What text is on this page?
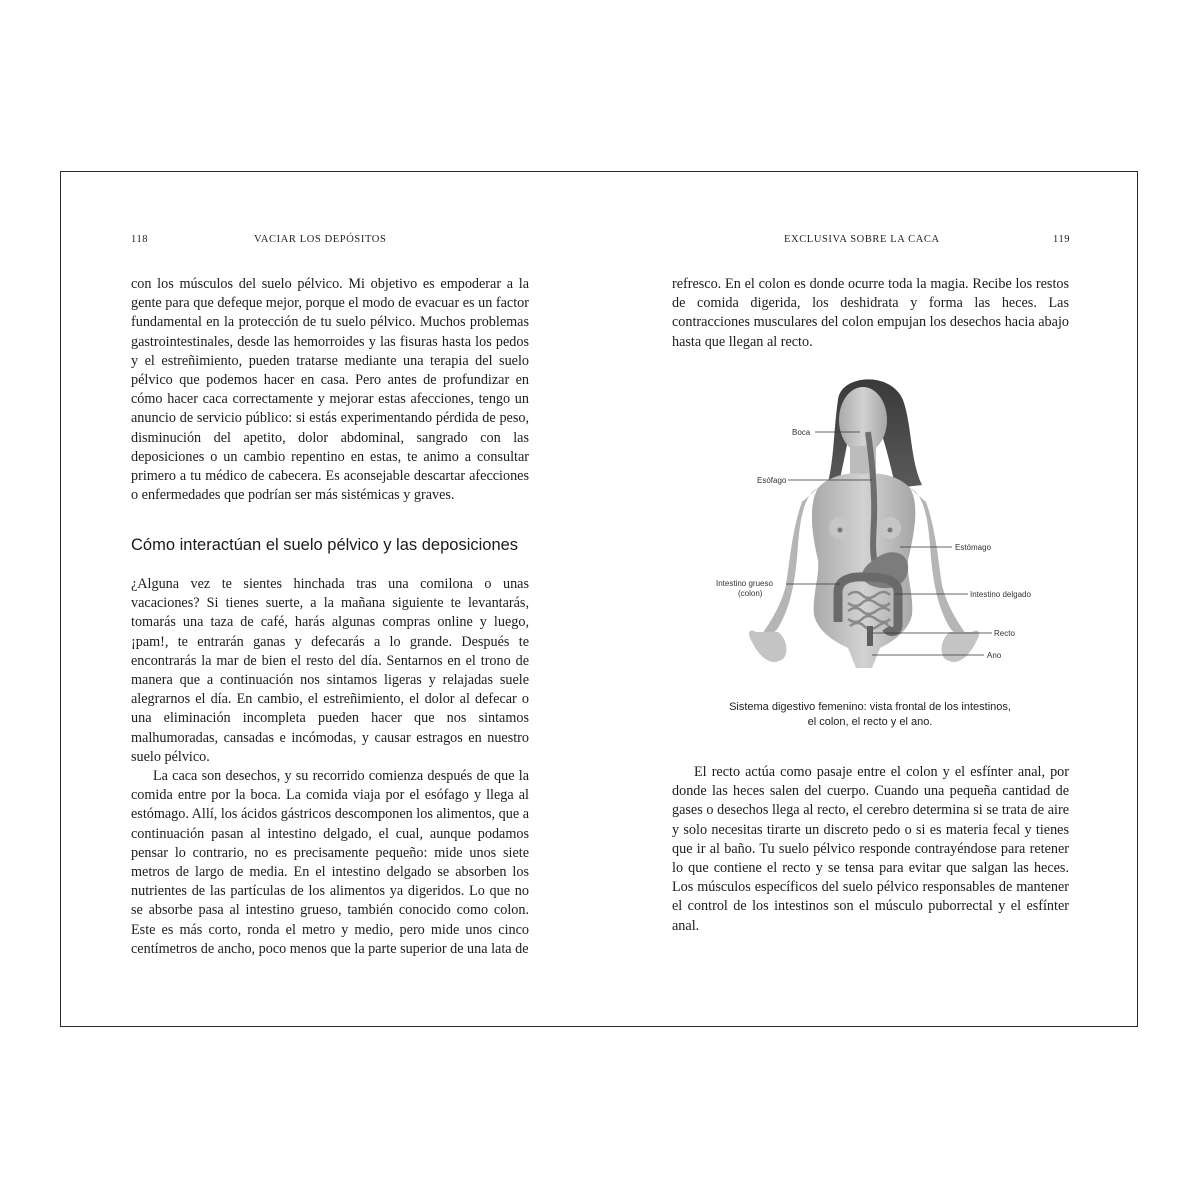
118	VACIAR LOS DEPÓSITOS

con los músculos del suelo pélvico. Mi objetivo es empoderar a la gente para que defeque mejor, porque el modo de evacuar es un factor fundamental en la protección de tu suelo pélvico. Muchos problemas gastrointestinales, desde las hemorroides y las fisuras hasta los pedos y el estreñimiento, pueden tratarse mediante una terapia del suelo pélvico que podemos hacer en casa. Pero antes de profundizar en cómo hacer caca correctamente y mejorar estas afecciones, tengo un anuncio de servicio público: si estás experimentando pérdida de peso, disminución del apetito, dolor abdominal, sangrado con las deposiciones o un cambio repentino en estas, te animo a consultar primero a tu médico de cabecera. Es aconsejable descartar afecciones o enfermedades que podrían ser más sistémicas y graves.

Cómo interactúan el suelo pélvico y las deposiciones

¿Alguna vez te sientes hinchada tras una comilona o unas vacaciones? Si tienes suerte, a la mañana siguiente te levantarás, tomarás una taza de café, harás algunas compras online y luego, ¡pam!, te entrarán ganas y defecarás a lo grande. Después te encontrarás la mar de bien el resto del día. Sentarnos en el trono de manera que a continuación nos sintamos ligeras y relajadas suele alegrarnos el día. En cambio, el estreñimiento, el dolor al defecar o una eliminación incompleta pueden hacer que nos sintamos malhumoradas, cansadas e incómodas, y causar estragos en nuestro suelo pélvico.

La caca son desechos, y su recorrido comienza después de que la comida entre por la boca. La comida viaja por el esófago y llega al estómago. Allí, los ácidos gástricos descomponen los alimentos, que a continuación pasan al intestino delgado, el cual, aunque podamos pensar lo contrario, no es precisamente pequeño: mide unos siete metros de largo de media. En el intestino delgado se absorben los nutrientes de las partículas de los alimentos ya digeridos. Lo que no se absorbe pasa al intestino grueso, también conocido como colon. Este es más corto, ronda el metro y medio, pero mide unos cinco centímetros de ancho, poco menos que la parte superior de una lata de

EXCLUSIVA SOBRE LA CACA	119

refresco. En el colon es donde ocurre toda la magia. Recibe los restos de comida digerida, los deshidrata y forma las heces. Las contracciones musculares del colon empujan los desechos hacia abajo hasta que llegan al recto.

Boca
Esófago
Estómago
Intestino grueso
(colon)	Intestino delgado
Recto
Ano
Sistema digestivo femenino: vista frontal de los intestinos,
el colon, el recto y el ano.

El recto actúa como pasaje entre el colon y el esfínter anal, por donde las heces salen del cuerpo. Cuando una pequeña cantidad de gases o desechos llega al recto, el cerebro determina si se trata de aire y solo necesitas tirarte un discreto pedo o si es materia fecal y tienes que ir al baño. Tu suelo pélvico responde contrayéndose para retener lo que contiene el recto y se tensa para evitar que salgan las heces. Los músculos específicos del suelo pélvico responsables de mantener el control de los intestinos son el músculo puborrectal y el esfínter anal.
